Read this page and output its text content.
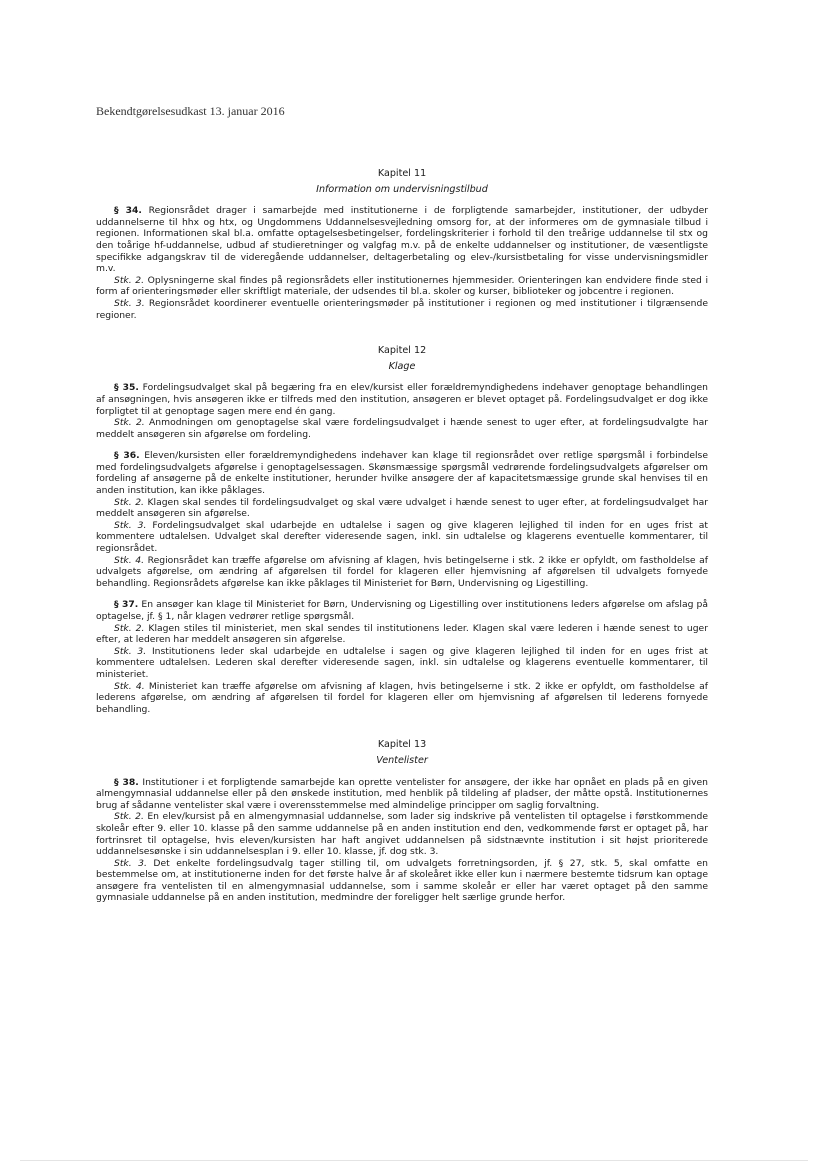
Bekendtgørelsesudkast 13. januar 2016

Kapitel 11

Information om undervisningstilbud

§ 34. Regionsrådet drager i samarbejde med institutionerne i de forpligtende samarbejder, institutioner, der udbyder uddannelserne til hhx og htx, og Ungdommens Uddannelsesvejledning omsorg for, at der informeres om de gymnasiale tilbud i regionen. Informationen skal bl.a. omfatte optagelsesbetingelser, fordelingskriterier i forhold til den treårige uddannelse til stx og den toårige hf-uddannelse, udbud af studieretninger og valgfag m.v. på de enkelte uddannelser og institutioner, de væsentligste specifikke adgangskrav til de videregående uddannelser, deltagerbetaling og elev-/kursistbetaling for visse undervisningsmidler m.v.

Stk. 2. Oplysningerne skal findes på regionsrådets eller institutionernes hjemmesider. Orienteringen kan endvidere finde sted i form af orienteringsmøder eller skriftligt materiale, der udsendes til bl.a. skoler og kurser, biblioteker og jobcentre i regionen.

Stk. 3. Regionsrådet koordinerer eventuelle orienteringsmøder på institutioner i regionen og med institutioner i tilgrænsende regioner.

Kapitel 12

Klage

§ 35. Fordelingsudvalget skal på begæring fra en elev/kursist eller forældremyndighedens indehaver genoptage behandlingen af ansøgningen, hvis ansøgeren ikke er tilfreds med den institution, ansøgeren er blevet optaget på. Fordelingsudvalget er dog ikke forpligtet til at genoptage sagen mere end én gang.

Stk. 2. Anmodningen om genoptagelse skal være fordelingsudvalget i hænde senest to uger efter, at fordelingsudvalgte har meddelt ansøgeren sin afgørelse om fordeling.

§ 36. Eleven/kursisten eller forældremyndighedens indehaver kan klage til regionsrådet over retlige spørgsmål i forbindelse med fordelingsudvalgets afgørelse i genoptagelsessagen. Skønsmæssige spørgsmål vedrørende fordelingsudvalgets afgørelser om fordeling af ansøgerne på de enkelte institutioner, herunder hvilke ansøgere der af kapacitetsmæssige grunde skal henvises til en anden institution, kan ikke påklages.

Stk. 2. Klagen skal sendes til fordelingsudvalget og skal være udvalget i hænde senest to uger efter, at fordelingsudvalget har meddelt ansøgeren sin afgørelse.

Stk. 3. Fordelingsudvalget skal udarbejde en udtalelse i sagen og give klageren lejlighed til inden for en uges frist at kommentere udtalelsen. Udvalget skal derefter videresende sagen, inkl. sin udtalelse og klagerens eventuelle kommentarer, til regionsrådet.

Stk. 4. Regionsrådet kan træffe afgørelse om afvisning af klagen, hvis betingelserne i stk. 2 ikke er opfyldt, om fastholdelse af udvalgets afgørelse, om ændring af afgørelsen til fordel for klageren eller hjemvisning af afgørelsen til udvalgets fornyede behandling. Regionsrådets afgørelse kan ikke påklages til Ministeriet for Børn, Undervisning og Ligestilling.

§ 37. En ansøger kan klage til Ministeriet for Børn, Undervisning og Ligestilling over institutionens leders afgørelse om afslag på optagelse, jf. § 1, når klagen vedrører retlige spørgsmål.

Stk. 2. Klagen stiles til ministeriet, men skal sendes til institutionens leder. Klagen skal være lederen i hænde senest to uger efter, at lederen har meddelt ansøgeren sin afgørelse.

Stk. 3. Institutionens leder skal udarbejde en udtalelse i sagen og give klageren lejlighed til inden for en uges frist at kommentere udtalelsen. Lederen skal derefter videresende sagen, inkl. sin udtalelse og klagerens eventuelle kommentarer, til ministeriet.

Stk. 4. Ministeriet kan træffe afgørelse om afvisning af klagen, hvis betingelserne i stk. 2 ikke er opfyldt, om fastholdelse af lederens afgørelse, om ændring af afgørelsen til fordel for klageren eller om hjemvisning af afgørelsen til lederens fornyede behandling.

Kapitel 13

Ventelister

§ 38. Institutioner i et forpligtende samarbejde kan oprette ventelister for ansøgere, der ikke har opnået en plads på en given almengymnasial uddannelse eller på den ønskede institution, med henblik på tildeling af pladser, der måtte opstå. Institutionernes brug af sådanne ventelister skal være i overensstemmelse med almindelige principper om saglig forvaltning.

Stk. 2. En elev/kursist på en almengymnasial uddannelse, som lader sig indskrive på ventelisten til optagelse i førstkommende skoleår efter 9. eller 10. klasse på den samme uddannelse på en anden institution end den, vedkommende først er optaget på, har fortrinsret til optagelse, hvis eleven/kursisten har haft angivet uddannelsen på sidstnævnte institution i sit højst prioriterede uddannelsesønske i sin uddannelsesplan i 9. eller 10. klasse, jf. dog stk. 3.

Stk. 3. Det enkelte fordelingsudvalg tager stilling til, om udvalgets forretningsorden, jf. § 27, stk. 5, skal omfatte en bestemmelse om, at institutionerne inden for det første halve år af skoleåret ikke eller kun i nærmere bestemte tidsrum kan optage ansøgere fra ventelisten til en almengymnasial uddannelse, som i samme skoleår er eller har været optaget på den samme gymnasiale uddannelse på en anden institution, medmindre der foreligger helt særlige grunde herfor.
